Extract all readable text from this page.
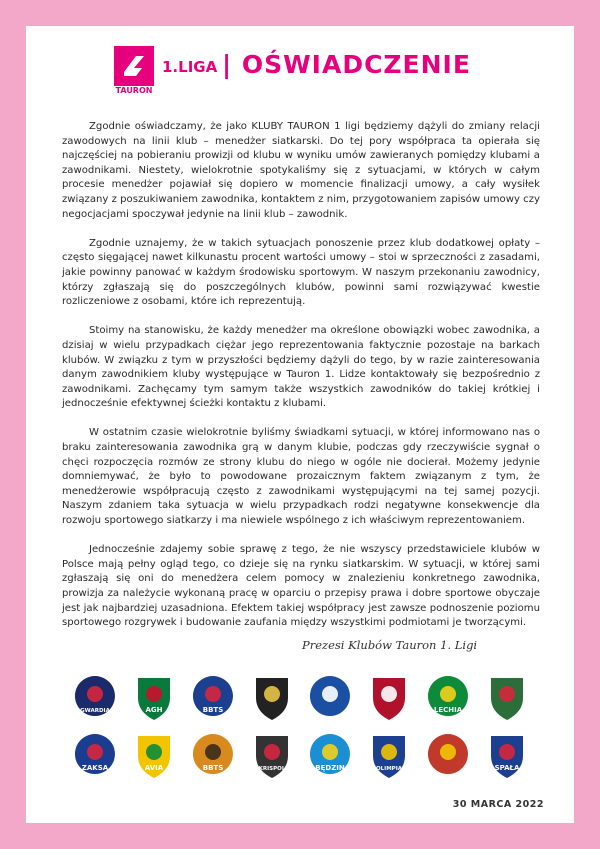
TAURON
1.LIGA | OŚWIADCZENIE

Zgodnie oświadczamy, że jako KLUBY TAURON 1 ligi będziemy dążyli do zmiany relacji zawodowych na linii klub – menedżer siatkarski. Do tej pory współpraca ta opierała się najczęściej na pobieraniu prowizji od klubu w wyniku umów zawieranych pomiędzy klubami a zawodnikami. Niestety, wielokrotnie spotykaliśmy się z sytuacjami, w których w całym procesie menedżer pojawiał się dopiero w momencie finalizacji umowy, a cały wysiłek związany z poszukiwaniem zawodnika, kontaktem z nim, przygotowaniem zapisów umowy czy negocjacjami spoczywał jedynie na linii klub – zawodnik.

Zgodnie uznajemy, że w takich sytuacjach ponoszenie przez klub dodatkowej opłaty – często sięgającej nawet kilkunastu procent wartości umowy – stoi w sprzeczności z zasadami, jakie powinny panować w każdym środowisku sportowym. W naszym przekonaniu zawodnicy, którzy zgłaszają się do poszczególnych klubów, powinni sami rozwiązywać kwestie rozliczeniowe z osobami, które ich reprezentują.

Stoimy na stanowisku, że każdy menedżer ma określone obowiązki wobec zawodnika, a dzisiaj w wielu przypadkach ciężar jego reprezentowania faktycznie pozostaje na barkach klubów. W związku z tym w przyszłości będziemy dążyli do tego, by w razie zainteresowania danym zawodnikiem kluby występujące w Tauron 1. Lidze kontaktowały się bezpośrednio z zawodnikami. Zachęcamy tym samym także wszystkich zawodników do takiej krótkiej i jednocześnie efektywnej ścieżki kontaktu z klubami.

W ostatnim czasie wielokrotnie byliśmy świadkami sytuacji, w której informowano nas o braku zainteresowania zawodnika grą w danym klubie, podczas gdy rzeczywiście sygnał o chęci rozpoczęcia rozmów ze strony klubu do niego w ogóle nie docierał. Możemy jedynie domniemywać, że było to powodowane prozaicznym faktem związanym z tym, że menedżerowie współpracują często z zawodnikami występującymi na tej samej pozycji. Naszym zdaniem taka sytuacja w wielu przypadkach rodzi negatywne konsekwencje dla rozwoju sportowego siatkarzy i ma niewiele wspólnego z ich właściwym reprezentowaniem.

Jednocześnie zdajemy sobie sprawę z tego, że nie wszyscy przedstawiciele klubów w Polsce mają pełny ogląd tego, co dzieje się na rynku siatkarskim. W sytuacji, w której sami zgłaszają się oni do menedżera celem pomocy w znalezieniu konkretnego zawodnika, prowizja za należycie wykonaną pracę w oparciu o przepisy prawa i dobre sportowe obyczaje jest jak najbardziej uzasadniona. Efektem takiej współpracy jest zawsze podnoszenie poziomu sportowego rozgrywek i budowanie zaufania między wszystkimi podmiotami je tworzącymi.

Prezesi Klubów Tauron 1. Ligi
GWARDIA	AGH	BBTS	LECHIA
ZAKSA	AVIA	BBTS	KRISPOL	BĘDZIN	OLIMPIA	SPAŁA
30 MARCA 2022
